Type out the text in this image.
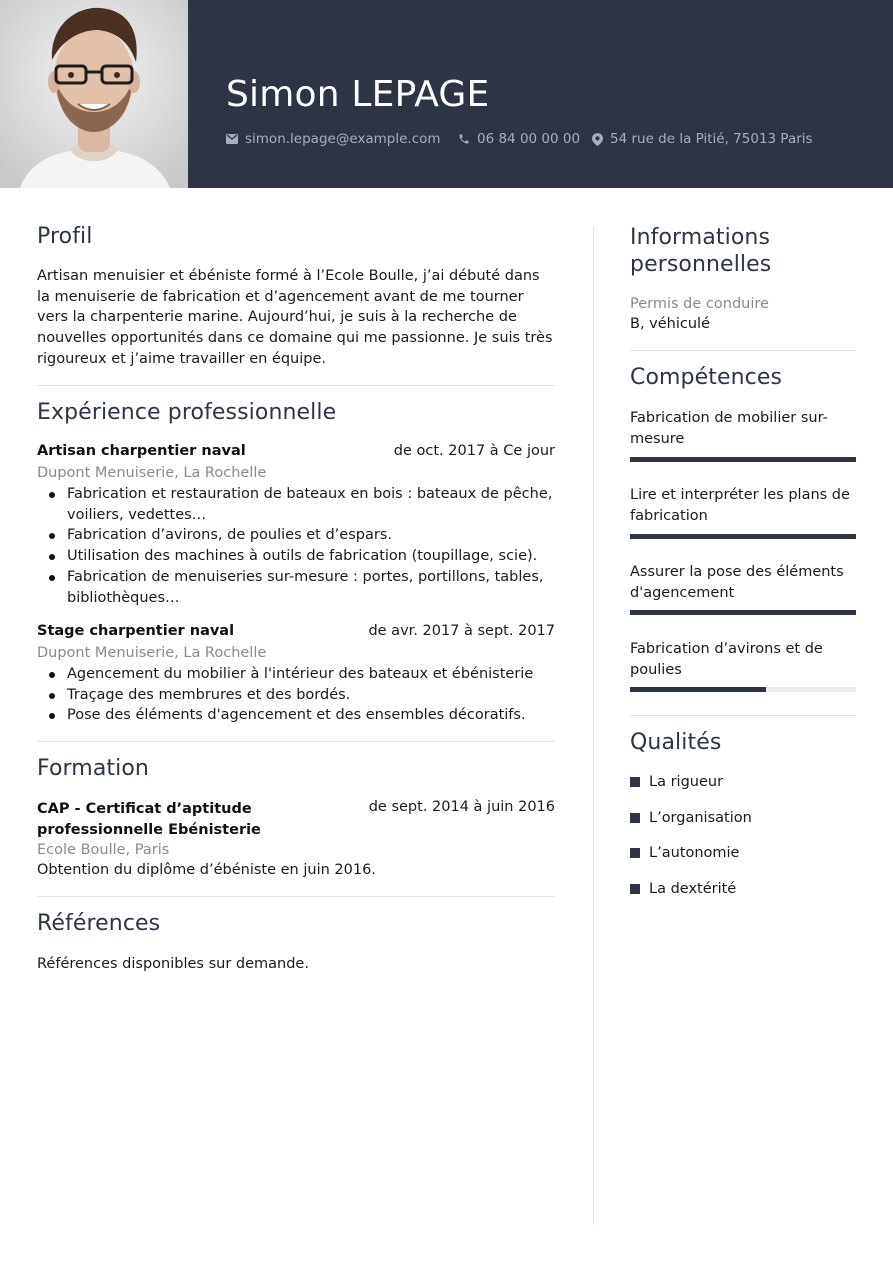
Simon LEPAGE
simon.lepage@example.com	06 84 00 00 00 54 rue de la Pitié, 75013 Paris
Profil
Artisan menuisier et ébéniste formé à l’Ecole Boulle, j’ai débuté dans la menuiserie de fabrication et d’agencement avant de me tourner vers la charpenterie marine. Aujourd’hui, je suis à la recherche de nouvelles opportunités dans ce domaine qui me passionne. Je suis très rigoureux et j’aime travailler en équipe.
Expérience professionnelle
Artisan charpentier naval	de oct. 2017 à Ce jour
Dupont Menuiserie, La Rochelle
Fabrication et restauration de bateaux en bois : bateaux de pêche, voiliers, vedettes…
Fabrication d’avirons, de poulies et d’espars.
Utilisation des machines à outils de fabrication (toupillage, scie).
Fabrication de menuiseries sur-mesure : portes, portillons, tables, bibliothèques…
Stage charpentier naval	de avr. 2017 à sept. 2017
Dupont Menuiserie, La Rochelle
Agencement du mobilier à l'intérieur des bateaux et ébénisterie
Traçage des membrures et des bordés.
Pose des éléments d'agencement et des ensembles décoratifs.
Formation
CAP - Certificat d’aptitude professionnelle Ebénisterie
de sept. 2014 à juin 2016
Ecole Boulle, Paris
Obtention du diplôme d’ébéniste en juin 2016.
Références
Références disponibles sur demande.
Informations personnelles
Permis de conduire
B, véhiculé
Compétences
Fabrication de mobilier sur-mesure
Lire et interpréter les plans de fabrication
Assurer la pose des éléments d'agencement
Fabrication d’avirons et de poulies
Qualités
La rigueur
L’organisation
L’autonomie
La dextérité
